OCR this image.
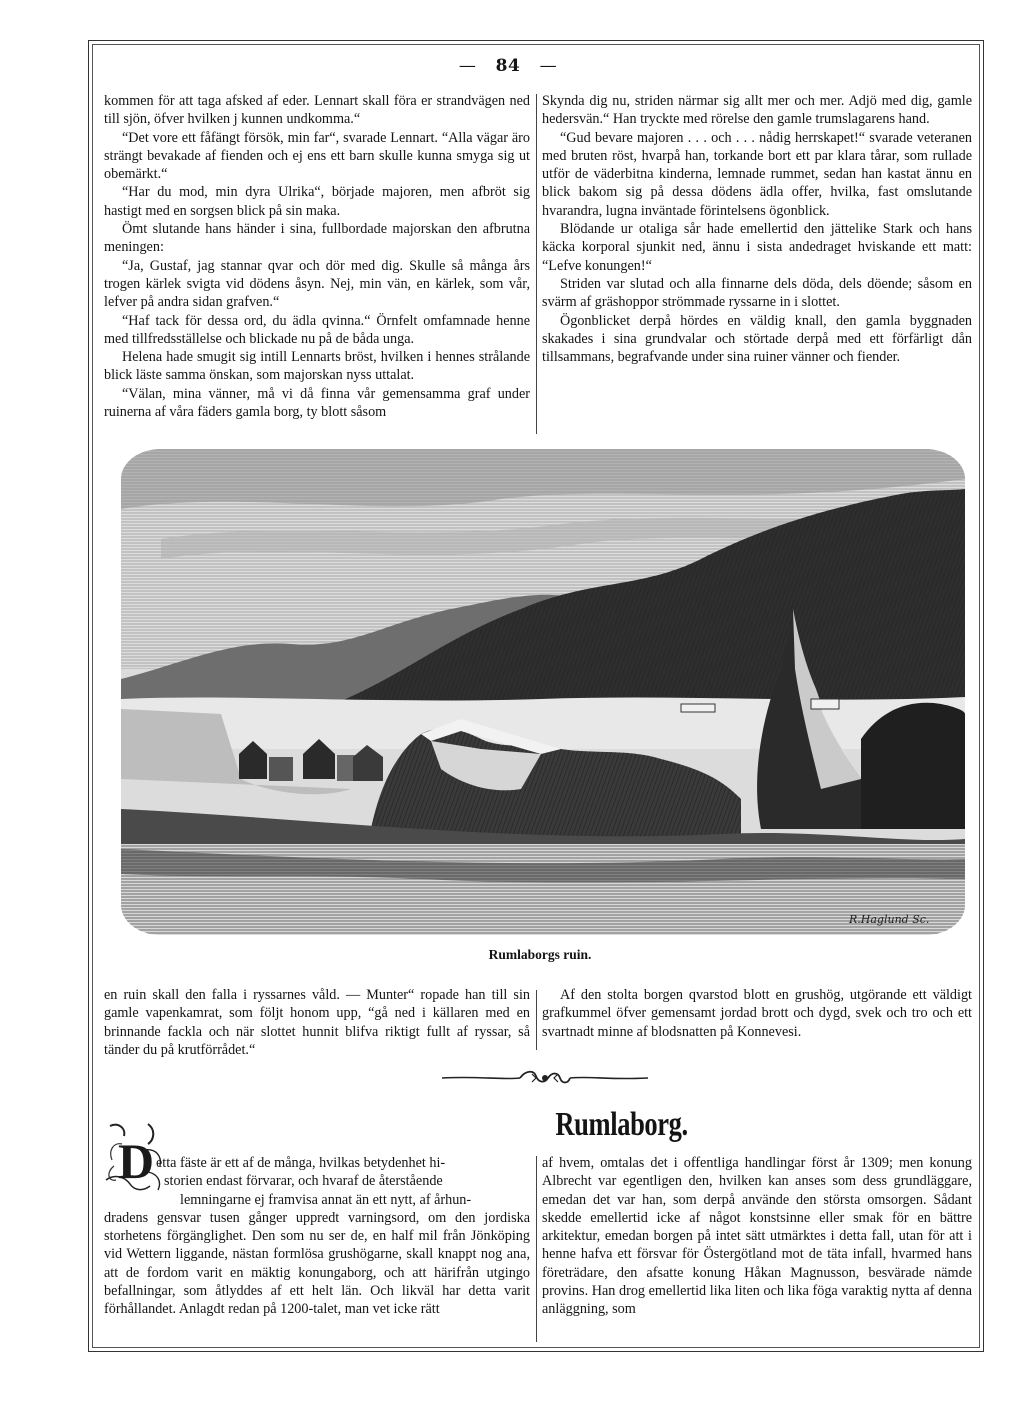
— 84 —

kommen för att taga afsked af eder. Lennart skall föra er strandvägen ned till sjön, öfver hvilken j kunnen undkomma.“

“Det vore ett fåfängt försök, min far“, svarade Lennart. “Alla vägar äro strängt bevakade af fienden och ej ens ett barn skulle kunna smyga sig ut obemärkt.“

“Har du mod, min dyra Ulrika“, började majoren, men afbröt sig hastigt med en sorgsen blick på sin maka.

Ömt slutande hans händer i sina, fullbordade majorskan den afbrutna meningen:

“Ja, Gustaf, jag stannar qvar och dör med dig. Skulle så många års trogen kärlek svigta vid dödens åsyn. Nej, min vän, en kärlek, som vår, lefver på andra sidan grafven.“

“Haf tack för dessa ord, du ädla qvinna.“ Örnfelt omfamnade henne med tillfredsställelse och blickade nu på de båda unga.

Helena hade smugit sig intill Lennarts bröst, hvilken i hennes strålande blick läste samma önskan, som majorskan nyss uttalat.

“Välan, mina vänner, må vi då finna vår gemensamma graf under ruinerna af våra fäders gamla borg, ty blott såsom

Skynda dig nu, striden närmar sig allt mer och mer. Adjö med dig, gamle hedersvän.“ Han tryckte med rörelse den gamle trumslagarens hand.

“Gud bevare majoren . . . och . . . nådig herrskapet!“ svarade veteranen med bruten röst, hvarpå han, torkande bort ett par klara tårar, som rullade utför de väderbitna kinderna, lemnade rummet, sedan han kastat ännu en blick bakom sig på dessa dödens ädla offer, hvilka, fast omslutande hvarandra, lugna inväntade förintelsens ögonblick.

Blödande ur otaliga sår hade emellertid den jättelike Stark och hans käcka korporal sjunkit ned, ännu i sista andedraget hviskande ett matt: “Lefve konungen!“

Striden var slutad och alla finnarne dels döda, dels döende; såsom en svärm af gräshoppor strömmade ryssarne in i slottet.

Ögonblicket derpå hördes en väldig knall, den gamla byggnaden skakades i sina grundvalar och störtade derpå med ett förfärligt dån tillsammans, begrafvande under sina ruiner vänner och fiender.

R.Haglund Sc.
Rumlaborgs ruin.

en ruin skall den falla i ryssarnes våld. — Munter“ ropade han till sin gamle vapenkamrat, som följt honom upp, “gå ned i källaren med en brinnande fackla och när slottet hunnit blifva riktigt fullt af ryssar, så tänder du på krutförrådet.“

Af den stolta borgen qvarstod blott en grushög, utgörande ett väldigt grafkummel öfver gemensamt jordad brott och dygd, svek och tro och ett svartnadt minne af blodsnatten på Konnevesi.

Rumlaborg.
D etta fäste är ett af de många, hvilkas betydenhet hi-

storien endast förvarar, och hvaraf de återstående

lemningarne ej framvisa annat än ett nytt, af århun-

dradens gensvar tusen gånger uppredt varningsord, om den jordiska storhetens förgänglighet. Den som nu ser de, en half mil från Jönköping vid Wettern liggande, nästan formlösa grushögarne, skall knappt nog ana, att de fordom varit en mäktig konungaborg, och att härifrån utgingo befallningar, som åtlyddes af ett helt län. Och likväl har detta varit förhållandet. Anlagdt redan på 1200-talet, man vet icke rätt

af hvem, omtalas det i offentliga handlingar först år 1309; men konung Albrecht var egentligen den, hvilken kan anses som dess grundläggare, emedan det var han, som derpå använde den största omsorgen. Sådant skedde emellertid icke af något konstsinne eller smak för en bättre arkitektur, emedan borgen på intet sätt utmärktes i detta fall, utan för att i henne hafva ett försvar för Östergötland mot de täta infall, hvarmed hans företrädare, den afsatte konung Håkan Magnusson, besvärade nämde provins. Han drog emellertid lika liten och lika föga varaktig nytta af denna anläggning, som
